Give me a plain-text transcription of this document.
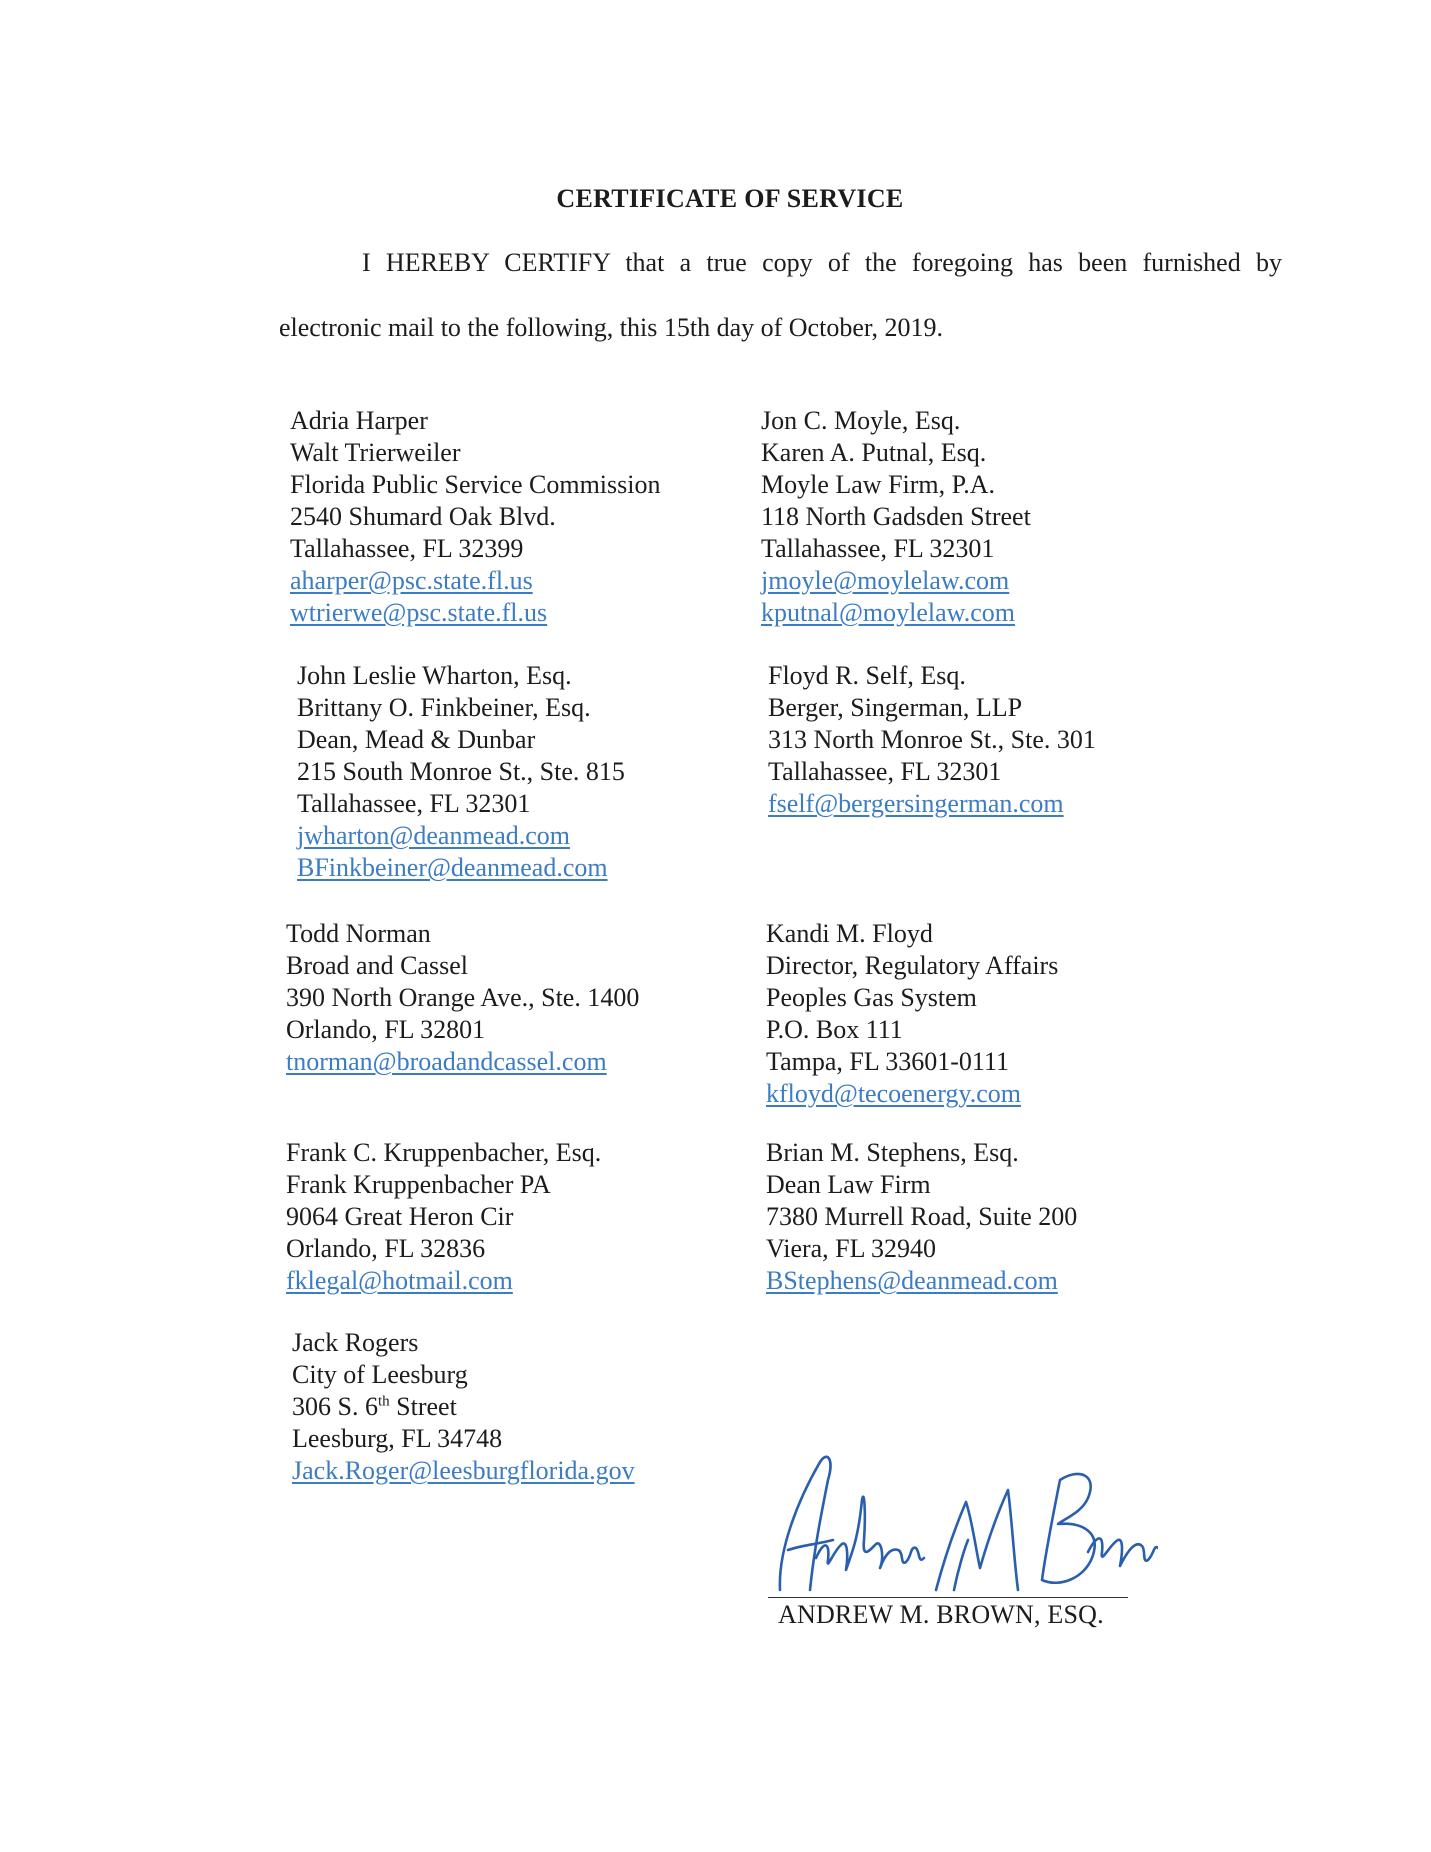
CERTIFICATE OF SERVICE
I HEREBY CERTIFY that a true copy of the foregoing has been furnished by
electronic mail to the following, this 15th day of October, 2019.
Adria Harper
Walt Trierweiler
Florida Public Service Commission
2540 Shumard Oak Blvd.
Tallahassee, FL 32399
aharper@psc.state.fl.us
wtrierwe@psc.state.fl.us
Jon C. Moyle, Esq.
Karen A. Putnal, Esq.
Moyle Law Firm, P.A.
118 North Gadsden Street
Tallahassee, FL 32301
jmoyle@moylelaw.com
kputnal@moylelaw.com
John Leslie Wharton, Esq.
Brittany O. Finkbeiner, Esq.
Dean, Mead & Dunbar
215 South Monroe St., Ste. 815
Tallahassee, FL 32301
jwharton@deanmead.com
BFinkbeiner@deanmead.com
Floyd R. Self, Esq.
Berger, Singerman, LLP
313 North Monroe St., Ste. 301
Tallahassee, FL 32301
fself@bergersingerman.com
Todd Norman
Broad and Cassel
390 North Orange Ave., Ste. 1400
Orlando, FL 32801
tnorman@broadandcassel.com
Kandi M. Floyd
Director, Regulatory Affairs
Peoples Gas System
P.O. Box 111
Tampa, FL 33601-0111
kfloyd@tecoenergy.com
Frank C. Kruppenbacher, Esq.
Frank Kruppenbacher PA
9064 Great Heron Cir
Orlando, FL 32836
fklegal@hotmail.com
Brian M. Stephens, Esq.
Dean Law Firm
7380 Murrell Road, Suite 200
Viera, FL 32940
BStephens@deanmead.com
Jack Rogers
City of Leesburg
306 S. 6th Street
Leesburg, FL 34748
Jack.Roger@leesburgflorida.gov
ANDREW M. BROWN, ESQ.
